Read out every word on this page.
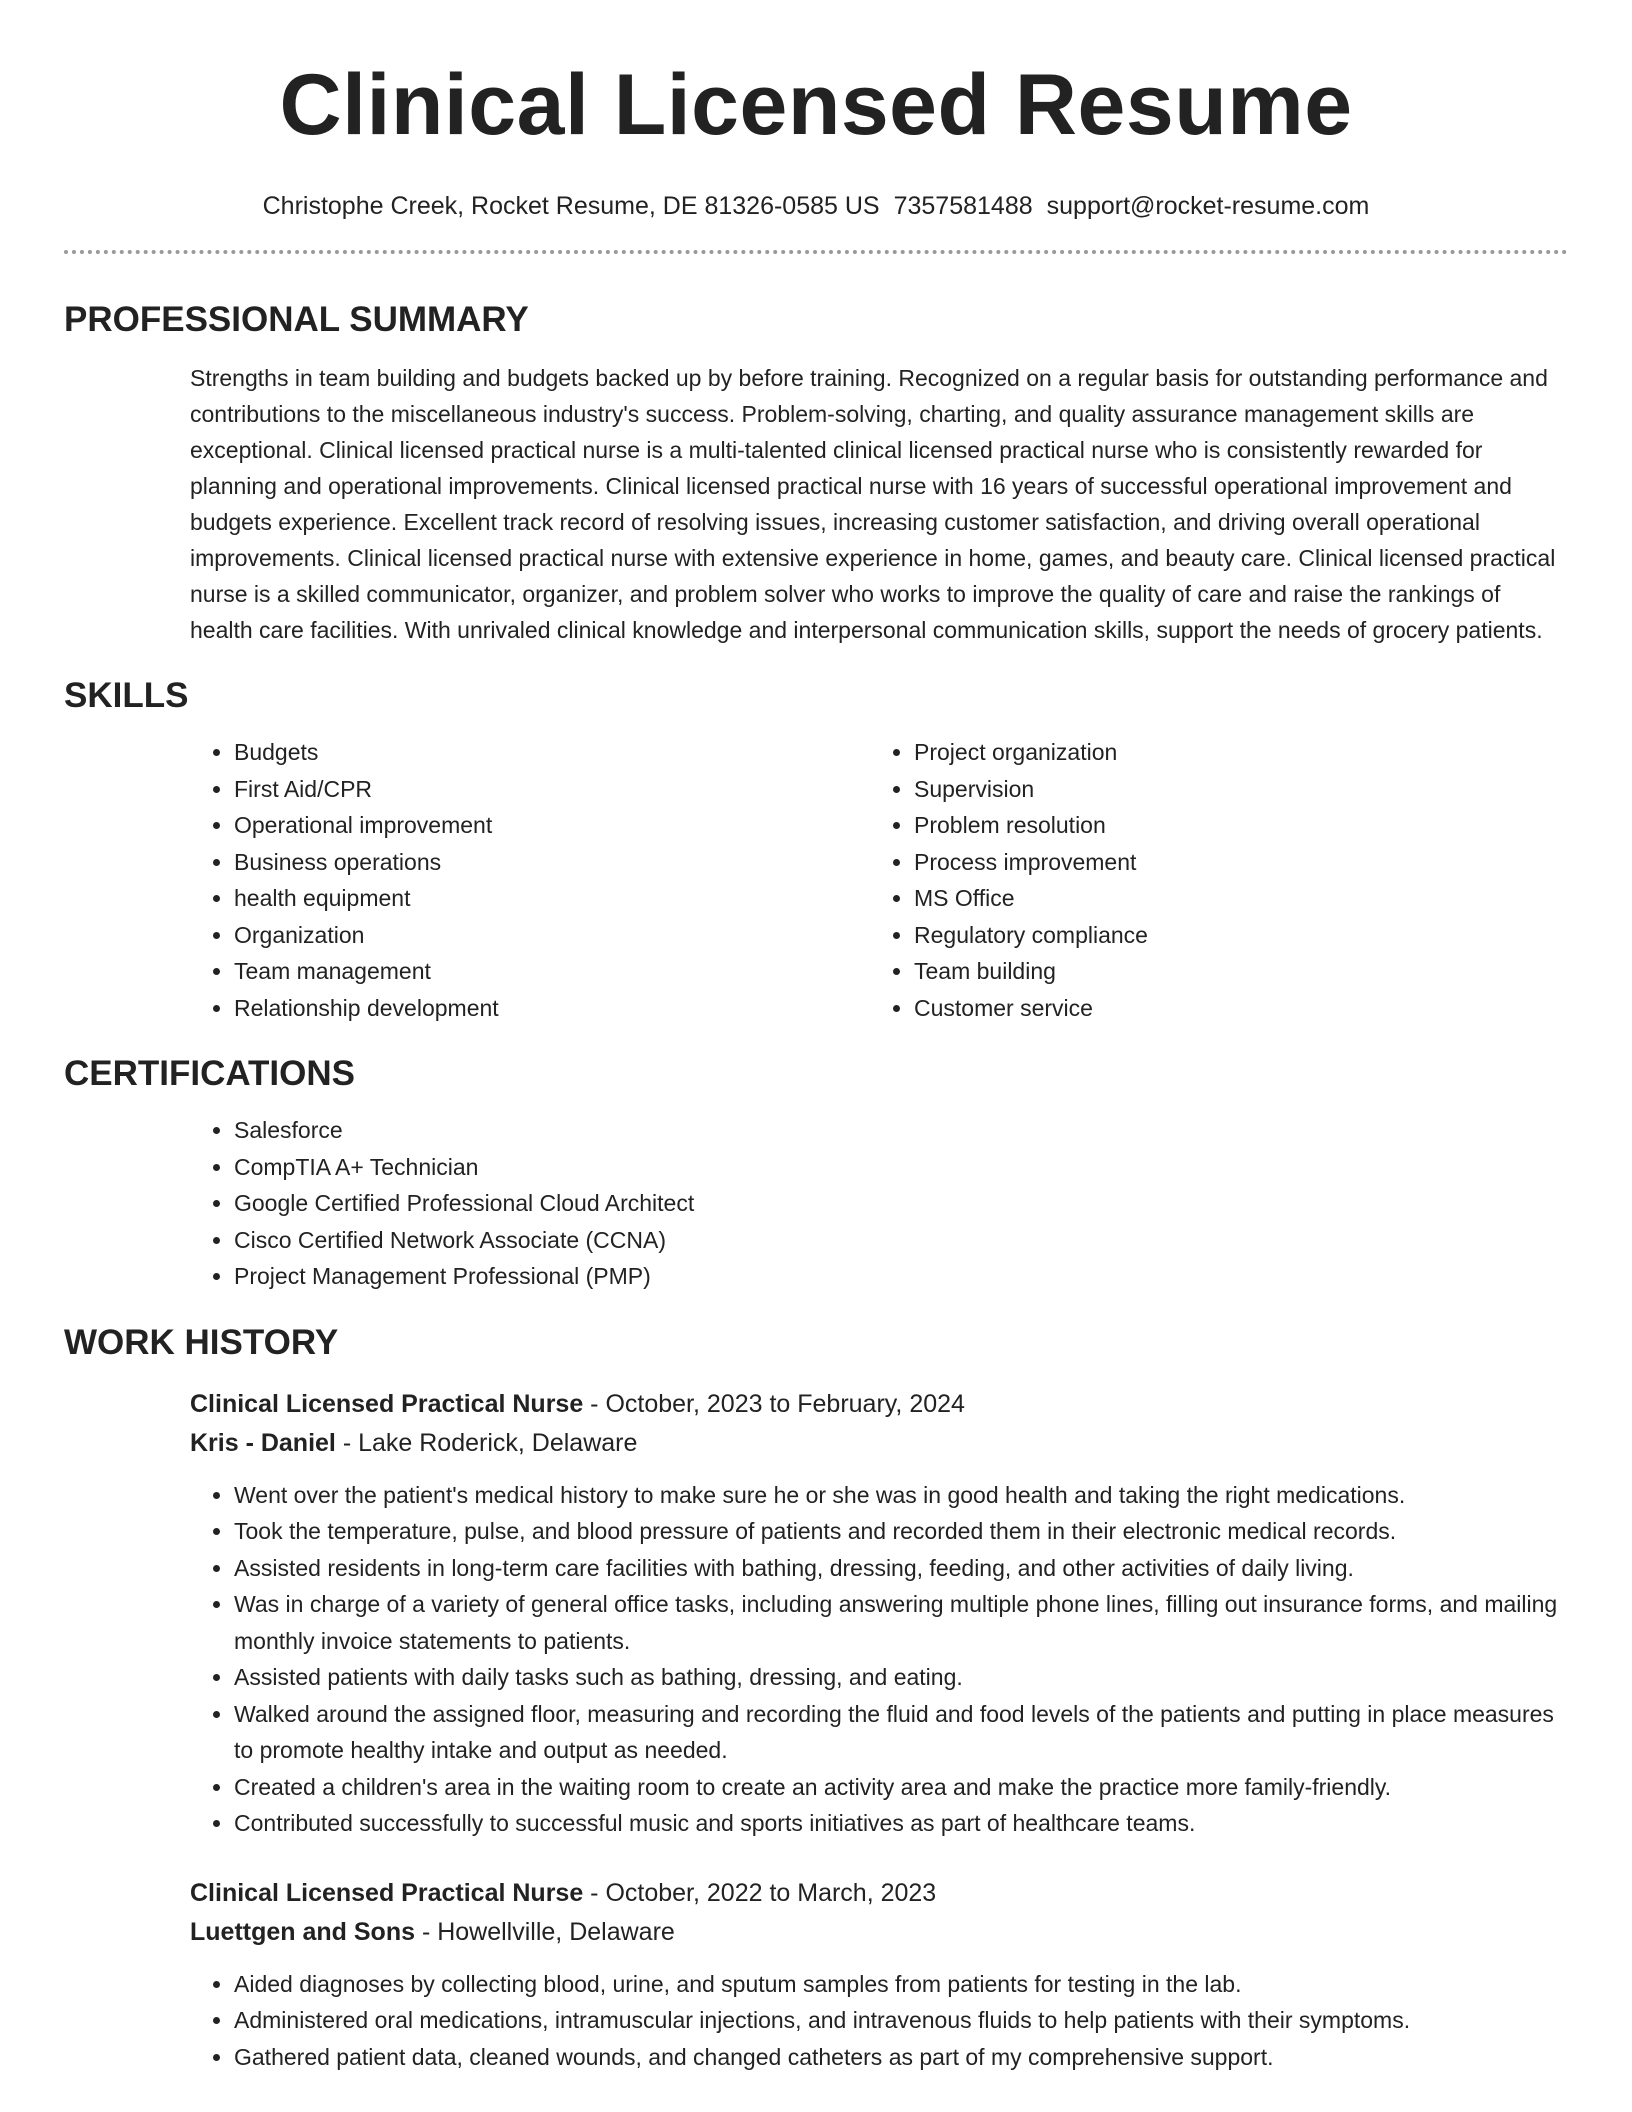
Clinical Licensed Resume
Christophe Creek, Rocket Resume, DE 81326-0585 US 7357581488 support@rocket-resume.com
PROFESSIONAL SUMMARY
Strengths in team building and budgets backed up by before training. Recognized on a regular basis for outstanding performance and contributions to the miscellaneous industry's success. Problem-solving, charting, and quality assurance management skills are exceptional. Clinical licensed practical nurse is a multi-talented clinical licensed practical nurse who is consistently rewarded for planning and operational improvements. Clinical licensed practical nurse with 16 years of successful operational improvement and budgets experience. Excellent track record of resolving issues, increasing customer satisfaction, and driving overall operational improvements. Clinical licensed practical nurse with extensive experience in home, games, and beauty care. Clinical licensed practical nurse is a skilled communicator, organizer, and problem solver who works to improve the quality of care and raise the rankings of health care facilities. With unrivaled clinical knowledge and interpersonal communication skills, support the needs of grocery patients.
SKILLS
• Budgets
• First Aid/CPR
• Operational improvement
• Business operations
• health equipment
• Organization
• Team management
• Relationship development
• Project organization
• Supervision
• Problem resolution
• Process improvement
• MS Office
• Regulatory compliance
• Team building
• Customer service
CERTIFICATIONS
• Salesforce
• CompTIA A+ Technician
• Google Certified Professional Cloud Architect
• Cisco Certified Network Associate (CCNA)
• Project Management Professional (PMP)
WORK HISTORY
Clinical Licensed Practical Nurse - October, 2023 to February, 2024
Kris - Daniel - Lake Roderick, Delaware
• Went over the patient's medical history to make sure he or she was in good health and taking the right medications.
• Took the temperature, pulse, and blood pressure of patients and recorded them in their electronic medical records.
• Assisted residents in long-term care facilities with bathing, dressing, feeding, and other activities of daily living.
• Was in charge of a variety of general office tasks, including answering multiple phone lines, filling out insurance forms, and mailing monthly invoice statements to patients.
• Assisted patients with daily tasks such as bathing, dressing, and eating.
• Walked around the assigned floor, measuring and recording the fluid and food levels of the patients and putting in place measures to promote healthy intake and output as needed.
• Created a children's area in the waiting room to create an activity area and make the practice more family-friendly.
• Contributed successfully to successful music and sports initiatives as part of healthcare teams.
Clinical Licensed Practical Nurse - October, 2022 to March, 2023
Luettgen and Sons - Howellville, Delaware
• Aided diagnoses by collecting blood, urine, and sputum samples from patients for testing in the lab.
• Administered oral medications, intramuscular injections, and intravenous fluids to help patients with their symptoms.
• Gathered patient data, cleaned wounds, and changed catheters as part of my comprehensive support.
